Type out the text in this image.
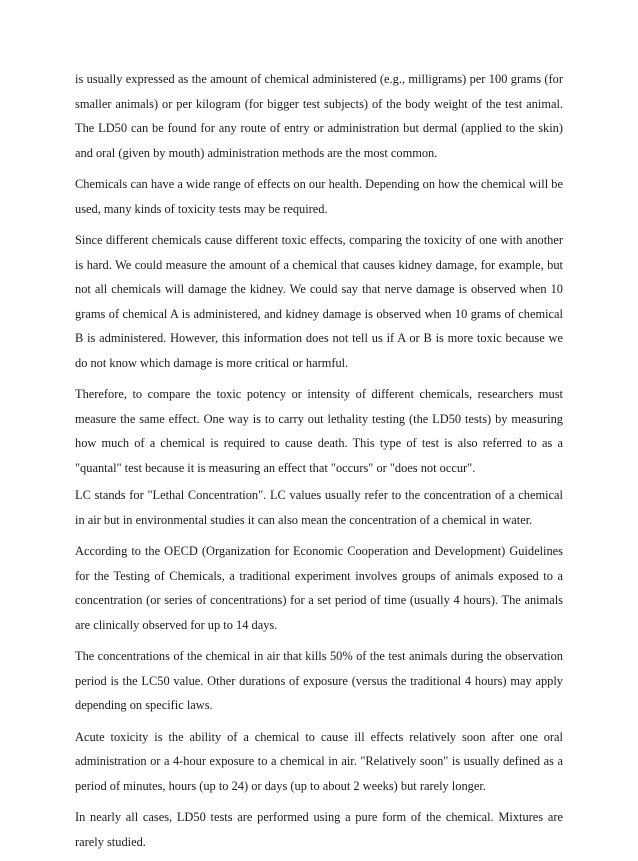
is usually expressed as the amount of chemical administered (e.g., milligrams) per 100 grams (for smaller animals) or per kilogram (for bigger test subjects) of the body weight of the test animal. The LD50 can be found for any route of entry or administration but dermal (applied to the skin) and oral (given by mouth) administration methods are the most common.

Chemicals can have a wide range of effects on our health. Depending on how the chemical will be used, many kinds of toxicity tests may be required.

Since different chemicals cause different toxic effects, comparing the toxicity of one with another is hard. We could measure the amount of a chemical that causes kidney damage, for example, but not all chemicals will damage the kidney. We could say that nerve damage is observed when 10 grams of chemical A is administered, and kidney damage is observed when 10 grams of chemical B is administered. However, this information does not tell us if A or B is more toxic because we do not know which damage is more critical or harmful.

Therefore, to compare the toxic potency or intensity of different chemicals, researchers must measure the same effect. One way is to carry out lethality testing (the LD50 tests) by measuring how much of a chemical is required to cause death. This type of test is also referred to as a "quantal" test because it is measuring an effect that "occurs" or "does not occur".

LC stands for "Lethal Concentration". LC values usually refer to the concentration of a chemical in air but in environmental studies it can also mean the concentration of a chemical in water.

According to the OECD (Organization for Economic Cooperation and Development) Guidelines for the Testing of Chemicals, a traditional experiment involves groups of animals exposed to a concentration (or series of concentrations) for a set period of time (usually 4 hours). The animals are clinically observed for up to 14 days.

The concentrations of the chemical in air that kills 50% of the test animals during the observation period is the LC50 value. Other durations of exposure (versus the traditional 4 hours) may apply depending on specific laws.

Acute toxicity is the ability of a chemical to cause ill effects relatively soon after one oral administration or a 4-hour exposure to a chemical in air. "Relatively soon" is usually defined as a period of minutes, hours (up to 24) or days (up to about 2 weeks) but rarely longer.

In nearly all cases, LD50 tests are performed using a pure form of the chemical. Mixtures are rarely studied.
